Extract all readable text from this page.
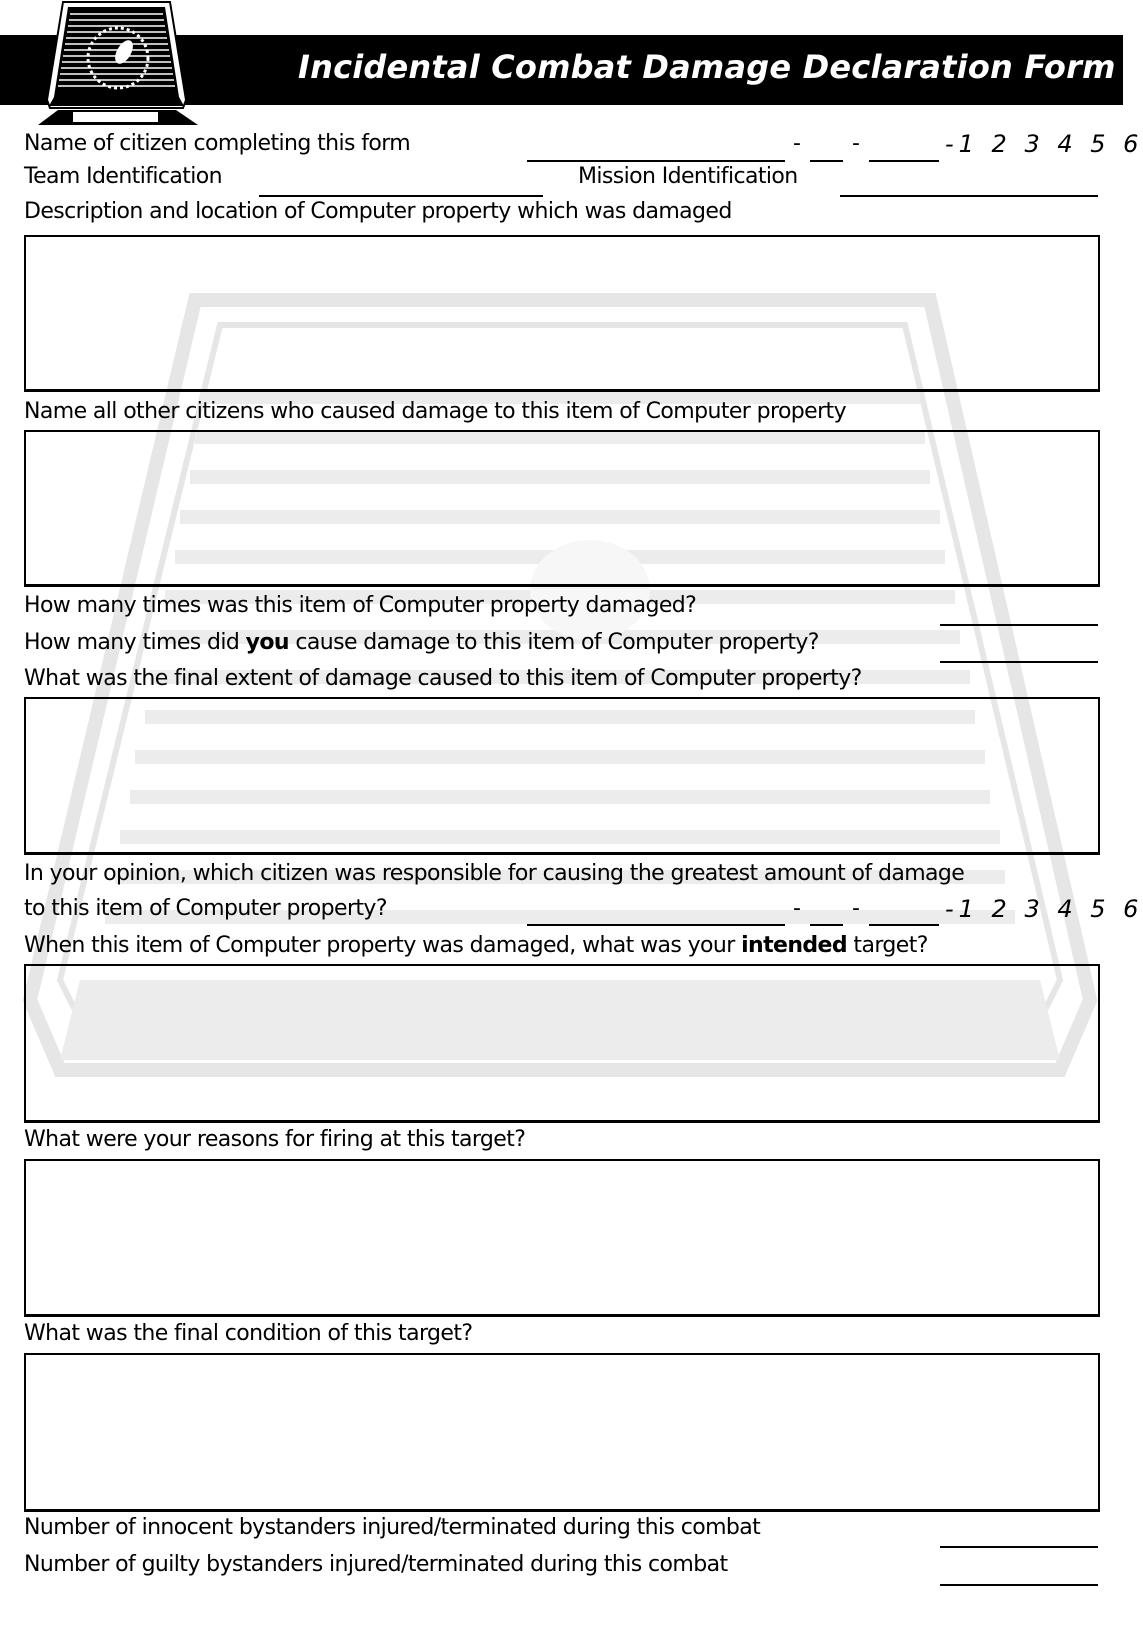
Incidental Combat Damage Declaration Form
Name of citizen completing this form	- -	-1 2 3 4 5 6
Team Identification	Mission Identification
Description and location of Computer property which was damaged
Name all other citizens who caused damage to this item of Computer property
How many times was this item of Computer property damaged?
How many times did you cause damage to this item of Computer property?
What was the final extent of damage caused to this item of Computer property?
In your opinion, which citizen was responsible for causing the greatest amount of damage
to this item of Computer property?	- -	-1 2 3 4 5 6
When this item of Computer property was damaged, what was your intended target?
What were your reasons for firing at this target?
What was the final condition of this target?
Number of innocent bystanders injured/terminated during this combat
Number of guilty bystanders injured/terminated during this combat
